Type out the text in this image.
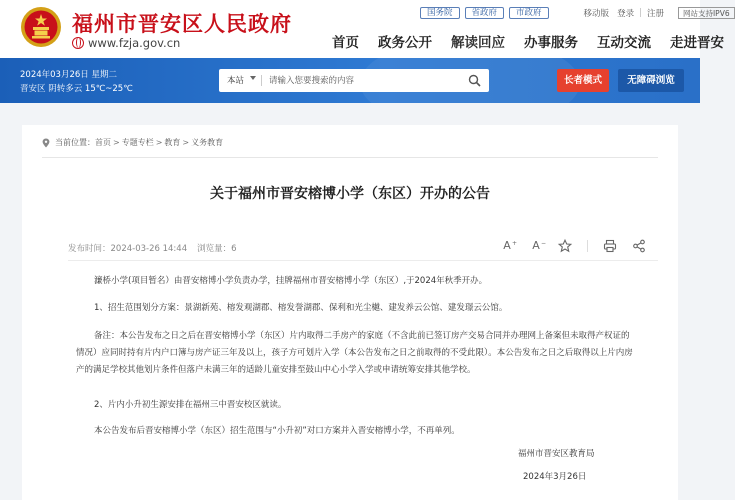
福州市晋安区人民政府
www.fzja.gov.cn
国务院	省政府	市政府	移动版 登录 | 注册	网站支持IPV6
首页 政务公开 解读回应 办事服务 互动交流 走进晋安
2024年03月26日 星期二
晋安区 阴转多云 15℃~25℃
本站
请输入您要搜索的内容	长者模式	无障碍浏览
当前位置： 首页 > 专题专栏 > 教育 > 义务教育
关于福州市晋安榕博小学（东区）开办的公告
发布时间：2024-03-26 14:44 浏览量：6	A + A −

濂桥小学(项目暂名）由晋安榕博小学负责办学，挂牌福州市晋安榕博小学（东区）,于2024年秋季开办。

1、招生范围划分方案：景湖新苑、榕发观湖郡、榕发誉湖郡、保利和光尘樾、建发养云公馆、建发璟云公馆。

备注：本公告发布之日之后在晋安榕博小学（东区）片内取得二手房产的家庭（不含此前已签订房产交易合同并办理网上备案但未取得产权证的情况）应同时持有片内户口簿与房产证三年及以上，孩子方可划片入学（本公告发布之日之前取得的不受此限）。本公告发布之日之后取得以上片内房产的满足学校其他划片条件但落户未满三年的适龄儿童安排至鼓山中心小学入学或申请统筹安排其他学校。

2、片内小升初生源安排在福州三中晋安校区就读。

本公告发布后晋安榕博小学（东区）招生范围与“小升初”对口方案并入晋安榕博小学，不再单列。

福州市晋安区教育局
2024年3月26日
